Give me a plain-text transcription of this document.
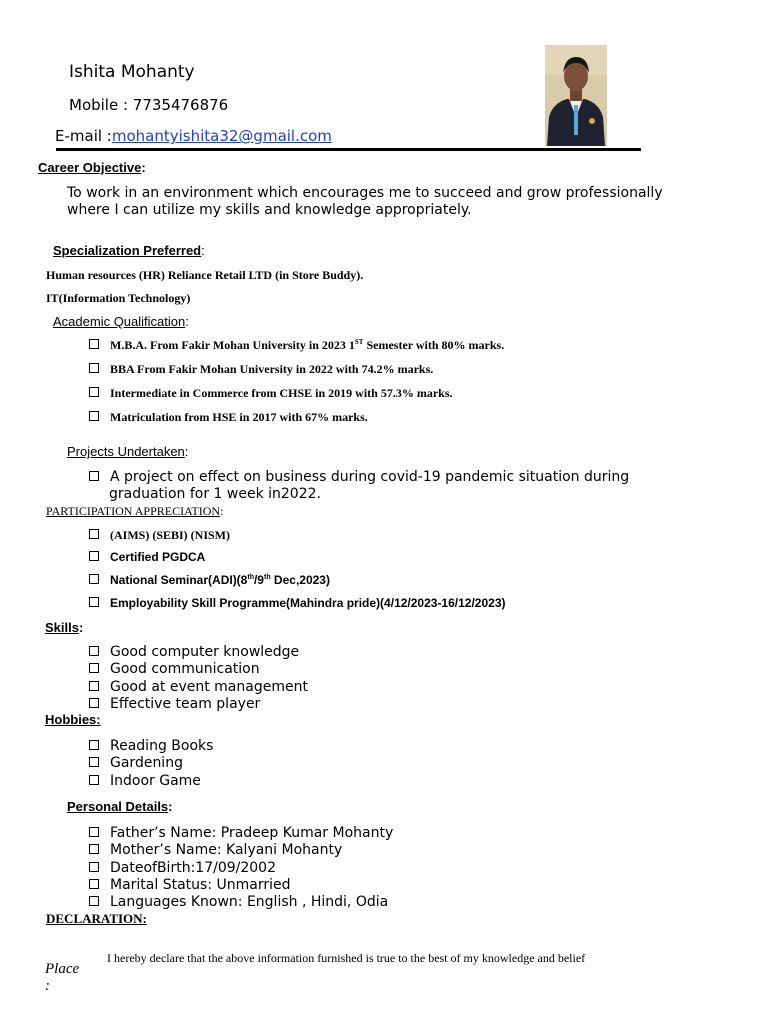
Ishita Mohanty
Mobile : 7735476876
E-mail :mohantyishita32@gmail.com
Career Objective:
To work in an environment which encourages me to succeed and grow professionally
where I can utilize my skills and knowledge appropriately.
Specialization Preferred:
Human resources (HR) Reliance Retail LTD (in Store Buddy).
IT(Information Technology)
Academic Qualification:
M.B.A. From Fakir Mohan University in 2023 1ST Semester with 80% marks.
BBA From Fakir Mohan University in 2022 with 74.2% marks.
Intermediate in Commerce from CHSE in 2019 with 57.3% marks.
Matriculation from HSE in 2017 with 67% marks.
Projects Undertaken:
A project on effect on business during covid-19 pandemic situation during
graduation for 1 week in2022.
PARTICIPATION APPRECIATION:
(AIMS) (SEBI) (NISM)
Certified PGDCA
National Seminar(ADI)(8th/9th Dec,2023)
Employability Skill Programme(Mahindra pride)(4/12/2023-16/12/2023)
Skills:
Good computer knowledge
Good communication
Good at event management
Effective team player
Hobbies:
Reading Books
Gardening
Indoor Game
Personal Details:
Father’s Name: Pradeep Kumar Mohanty
Mother’s Name: Kalyani Mohanty
DateofBirth:17/09/2002
Marital Status: Unmarried
Languages Known: English , Hindi, Odia
DECLARATION:
I hereby declare that the above information furnished is true to the best of my knowledge and belief
Place
:
